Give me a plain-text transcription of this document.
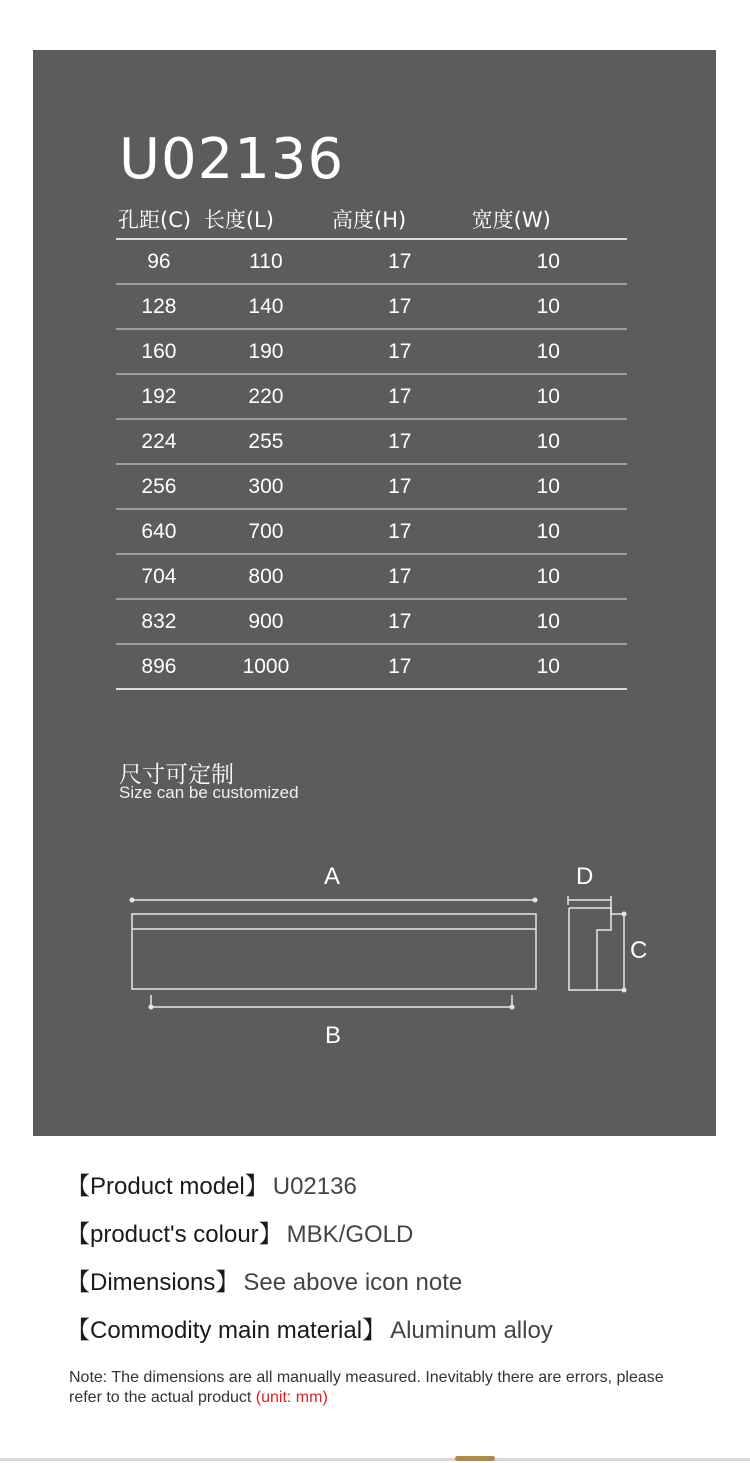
U02136
孔距(C)	长度(L)	高度(H)	宽度(W)
96	110	17	10
128	140	17	10
160	190	17	10
192	220	17	10
224	255	17	10
256	300	17	10
640	700	17	10
704	800	17	10
832	900	17	10
896	1000	17	10
尺寸可定制
Size can be customized
A
B
C
D
【Product model】 U02136
【product's colour】 MBK/GOLD
【Dimensions】 See above icon note
【Commodity main material】 Aluminum alloy
Note: The dimensions are all manually measured. Inevitably there are errors, please refer to the actual product (unit: mm)
